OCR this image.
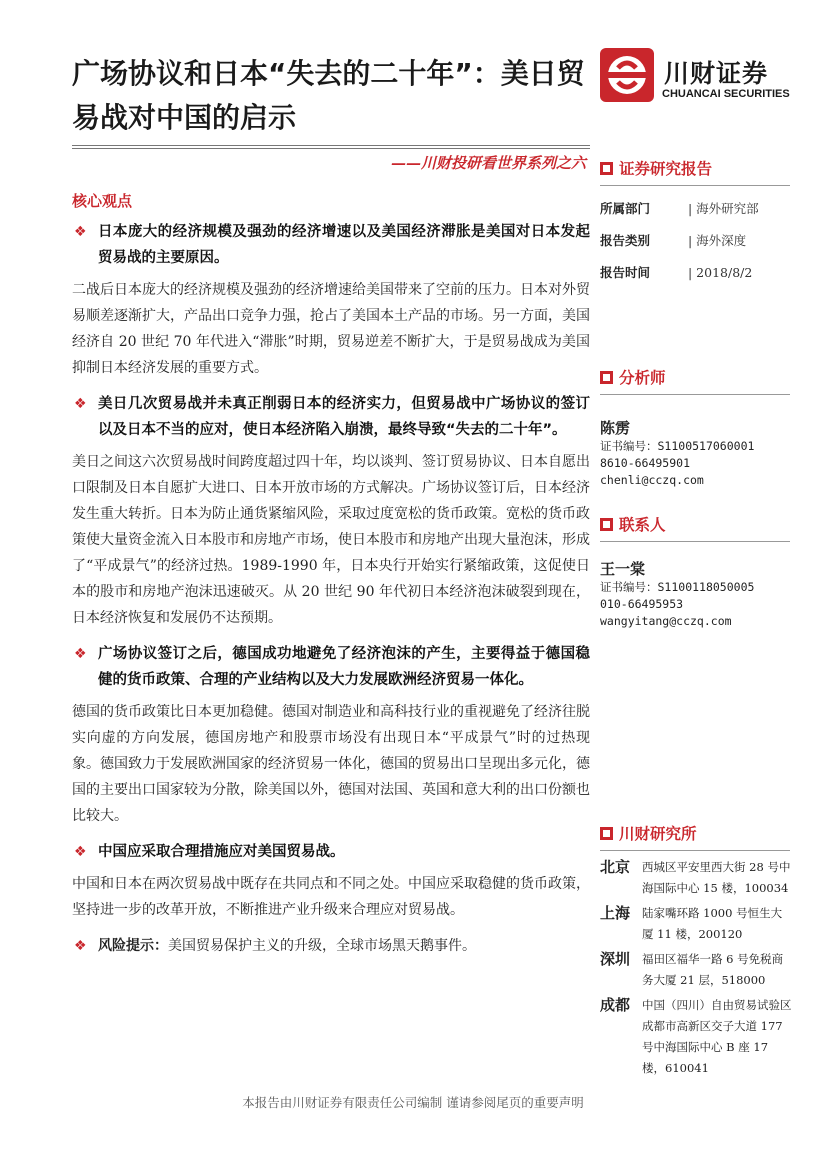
广场协议和日本“失去的二十年”：美日贸易战对中国的启示
川财证券
CHUANCAI SECURITIES
——川财投研看世界系列之六
核心观点
❖ 日本庞大的经济规模及强劲的经济增速以及美国经济滞胀是美国对日本发起贸易战的主要原因。
二战后日本庞大的经济规模及强劲的经济增速给美国带来了空前的压力。日本对外贸易顺差逐渐扩大，产品出口竞争力强，抢占了美国本土产品的市场。另一方面，美国经济自 20 世纪 70 年代进入“滞胀”时期，贸易逆差不断扩大，于是贸易战成为美国抑制日本经济发展的重要方式。
❖ 美日几次贸易战并未真正削弱日本的经济实力，但贸易战中广场协议的签订以及日本不当的应对，使日本经济陷入崩溃，最终导致“失去的二十年”。
美日之间这六次贸易战时间跨度超过四十年，均以谈判、签订贸易协议、日本自愿出口限制及日本自愿扩大进口、日本开放市场的方式解决。广场协议签订后，日本经济发生重大转折。日本为防止通货紧缩风险，采取过度宽松的货币政策。宽松的货币政策使大量资金流入日本股市和房地产市场，使日本股市和房地产出现大量泡沫，形成了“平成景气”的经济过热。1989-1990 年，日本央行开始实行紧缩政策，这促使日本的股市和房地产泡沫迅速破灭。从 20 世纪 90 年代初日本经济泡沫破裂到现在，日本经济恢复和发展仍不达预期。
❖ 广场协议签订之后，德国成功地避免了经济泡沫的产生，主要得益于德国稳健的货币政策、合理的产业结构以及大力发展欧洲经济贸易一体化。
德国的货币政策比日本更加稳健。德国对制造业和高科技行业的重视避免了经济往脱实向虚的方向发展，德国房地产和股票市场没有出现日本“平成景气”时的过热现象。德国致力于发展欧洲国家的经济贸易一体化，德国的贸易出口呈现出多元化，德国的主要出口国家较为分散，除美国以外，德国对法国、英国和意大利的出口份额也比较大。
❖ 中国应采取合理措施应对美国贸易战。
中国和日本在两次贸易战中既存在共同点和不同之处。中国应采取稳健的货币政策，坚持进一步的改革开放，不断推进产业升级来合理应对贸易战。
❖ 风险提示：美国贸易保护主义的升级，全球市场黑天鹅事件。
证券研究报告
所属部门	| 海外研究部
报告类别	| 海外深度
报告时间	| 2018/8/2
分析师
陈雳
证书编号：S1100517060001
8610-66495901
chenli@cczq.com
联系人
王一棠
证书编号：S1100118050005
010-66495953
wangyitang@cczq.com
川财研究所
北京	西城区平安里西大街 28 号中海国际中心 15 楼，100034
上海	陆家嘴环路 1000 号恒生大厦 11 楼，200120
深圳	福田区福华一路 6 号免税商务大厦 21 层，518000
成都	中国（四川）自由贸易试验区成都市高新区交子大道 177 号中海国际中心 B 座 17 楼，610041
本报告由川财证券有限责任公司编制 谨请参阅尾页的重要声明
